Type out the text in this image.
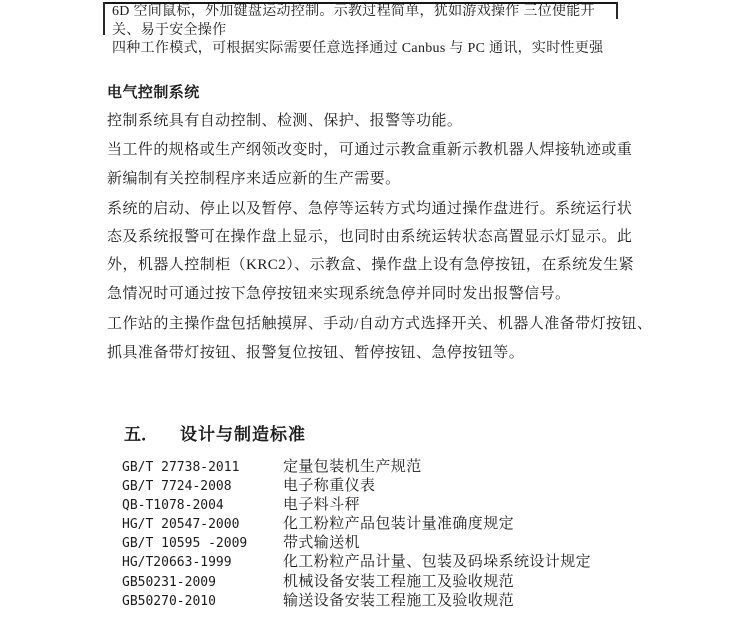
6D 空间鼠标，外加键盘运动控制。示教过程简单，犹如游戏操作 三位使能开
关、易于安全操作
四种工作模式，可根据实际需要任意选择通过 Canbus 与 PC 通讯，实时性更强
电气控制系统
控制系统具有自动控制、检测、保护、报警等功能。
当工件的规格或生产纲领改变时，可通过示教盒重新示教机器人焊接轨迹或重
新编制有关控制程序来适应新的生产需要。
系统的启动、停止以及暂停、急停等运转方式均通过操作盘进行。系统运行状
态及系统报警可在操作盘上显示，也同时由系统运转状态高置显示灯显示。此
外，机器人控制柜（KRC2）、示教盒、操作盘上设有急停按钮，在系统发生紧
急情况时可通过按下急停按钮来实现系统急停并同时发出报警信号。
工作站的主操作盘包括触摸屏、手动/自动方式选择开关、机器人准备带灯按钮、
抓具准备带灯按钮、报警复位按钮、暂停按钮、急停按钮等。

五． 设计与制造标准

GB/T 27738-2011	定量包装机生产规范

GB/T 7724-2008	电子称重仪表

QB-T1078-2004	电子料斗秤

HG/T 20547-2000	化工粉粒产品包装计量准确度规定

GB/T 10595 -2009 带式输送机

HG/T20663-1999	化工粉粒产品计量、包装及码垛系统设计规定

GB50231-2009	机械设备安装工程施工及验收规范

GB50270-2010	输送设备安装工程施工及验收规范
